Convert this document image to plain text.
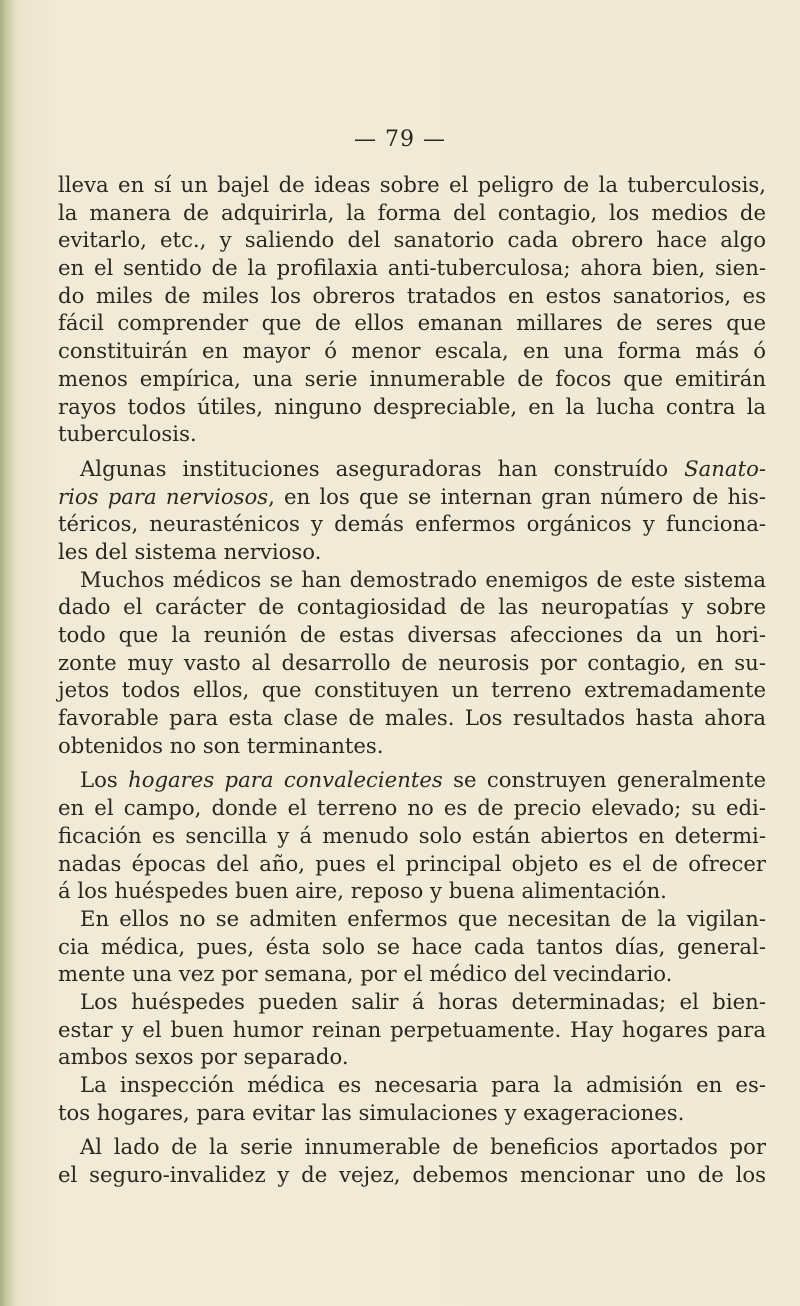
— 79 —
lleva en sí un bajel de ideas sobre el peligro de la tuberculosis,
la manera de adquirirla, la forma del contagio, los medios de
evitarlo, etc., y saliendo del sanatorio cada obrero hace algo
en el sentido de la profilaxia anti-tuberculosa; ahora bien, sien-
do miles de miles los obreros tratados en estos sanatorios, es
fácil comprender que de ellos emanan millares de seres que
constituirán en mayor ó menor escala, en una forma más ó
menos empírica, una serie innumerable de focos que emitirán
rayos todos útiles, ninguno despreciable, en la lucha contra la
tuberculosis.
Algunas instituciones aseguradoras han construído Sanato-
rios para nerviosos, en los que se internan gran número de his-
téricos, neurasténicos y demás enfermos orgánicos y funciona-
les del sistema nervioso.
Muchos médicos se han demostrado enemigos de este sistema
dado el carácter de contagiosidad de las neuropatías y sobre
todo que la reunión de estas diversas afecciones da un hori-
zonte muy vasto al desarrollo de neurosis por contagio, en su-
jetos todos ellos, que constituyen un terreno extremadamente
favorable para esta clase de males. Los resultados hasta ahora
obtenidos no son terminantes.
Los hogares para convalecientes se construyen generalmente
en el campo, donde el terreno no es de precio elevado; su edi-
ficación es sencilla y á menudo solo están abiertos en determi-
nadas épocas del año, pues el principal objeto es el de ofrecer
á los huéspedes buen aire, reposo y buena alimentación.
En ellos no se admiten enfermos que necesitan de la vigilan-
cia médica, pues, ésta solo se hace cada tantos días, general-
mente una vez por semana, por el médico del vecindario.
Los huéspedes pueden salir á horas determinadas; el bien-
estar y el buen humor reinan perpetuamente. Hay hogares para
ambos sexos por separado.
La inspección médica es necesaria para la admisión en es-
tos hogares, para evitar las simulaciones y exageraciones.
Al lado de la serie innumerable de beneficios aportados por
el seguro-invalidez y de vejez, debemos mencionar uno de los
